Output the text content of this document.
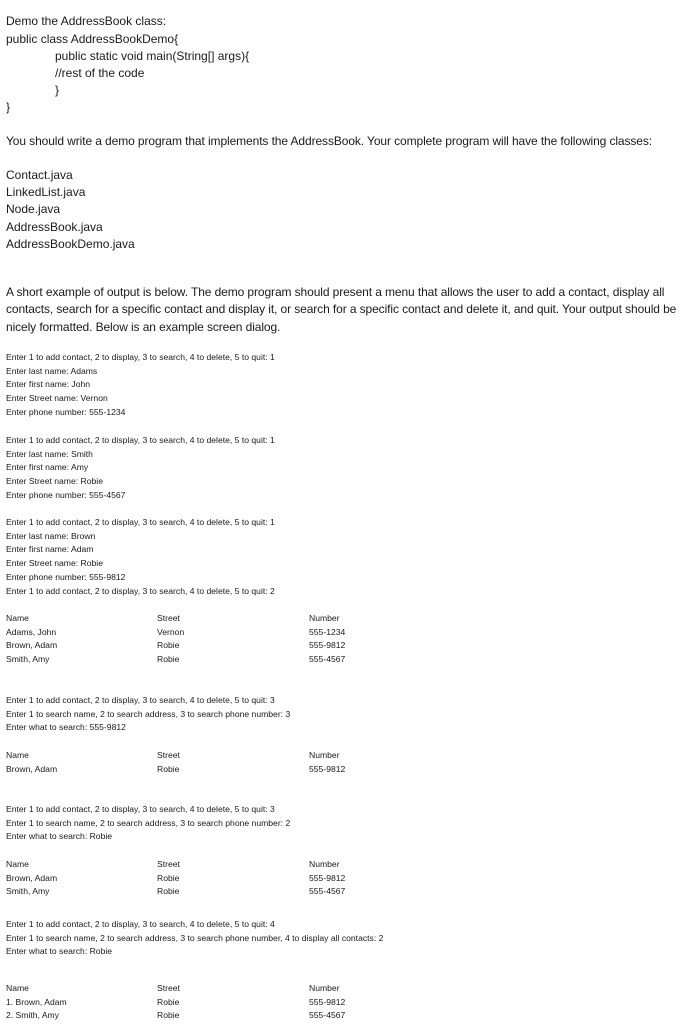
Demo the AddressBook class:
public class AddressBookDemo{
public static void main(String[] args){
//rest of the code
}
}
You should write a demo program that implements the AddressBook. Your complete program will have the following classes:
Contact.java
LinkedList.java
Node.java
AddressBook.java
AddressBookDemo.java
A short example of output is below. The demo program should present a menu that allows the user to add a contact, display all contacts, search for a specific contact and display it, or search for a specific contact and delete it, and quit. Your output should be nicely formatted. Below is an example screen dialog.
Enter 1 to add contact, 2 to display, 3 to search, 4 to delete, 5 to quit: 1
Enter last name: Adams
Enter first name: John
Enter Street name: Vernon
Enter phone number: 555-1234
Enter 1 to add contact, 2 to display, 3 to search, 4 to delete, 5 to quit: 1
Enter last name: Smith
Enter first name: Amy
Enter Street name: Robie
Enter phone number: 555-4567
Enter 1 to add contact, 2 to display, 3 to search, 4 to delete, 5 to quit: 1
Enter last name: Brown
Enter first name: Adam
Enter Street name: Robie
Enter phone number: 555-9812
Enter 1 to add contact, 2 to display, 3 to search, 4 to delete, 5 to quit: 2
Enter 1 to add contact, 2 to display, 3 to search, 4 to delete, 5 to quit: 3
Enter 1 to search name, 2 to search address, 3 to search phone number: 3
Enter what to search: 555-9812
Enter 1 to add contact, 2 to display, 3 to search, 4 to delete, 5 to quit: 3
Enter 1 to search name, 2 to search address, 3 to search phone number: 2
Enter what to search: Robie
Enter 1 to add contact, 2 to display, 3 to search, 4 to delete, 5 to quit: 4
Enter 1 to search name, 2 to search address, 3 to search phone number, 4 to display all contacts: 2
Enter what to search: Robie
Name	Street	Number
Adams, John	Vernon	555-1234
Brown, Adam	Robie	555-9812
Smith, Amy	Robie	555-4567
Name	Street	Number
Brown, Adam	Robie	555-9812
Name	Street	Number
Brown, Adam	Robie	555-9812
Smith, Amy	Robie	555-4567
Name	Street	Number
1. Brown, Adam	Robie	555-9812
2. Smith, Amy	Robie	555-4567
